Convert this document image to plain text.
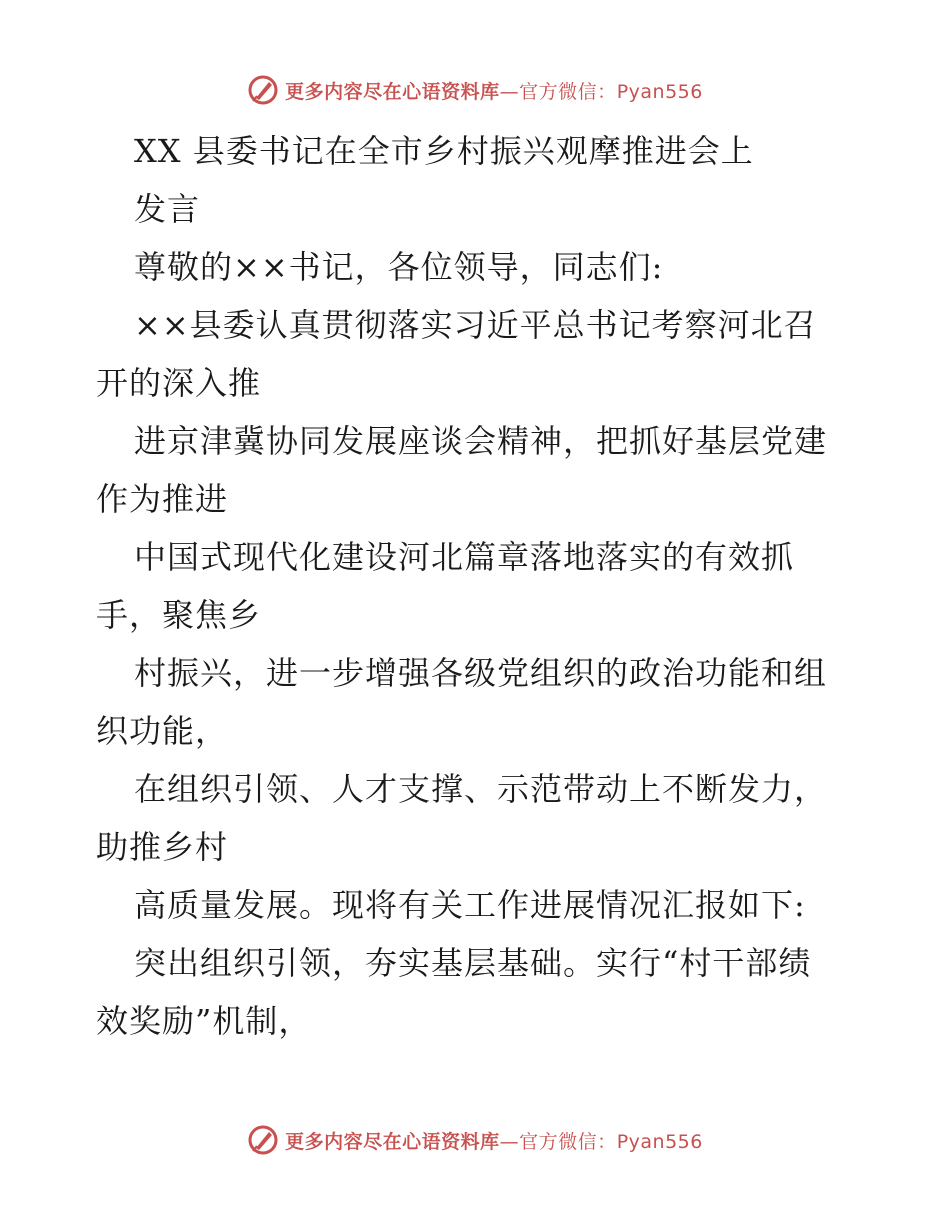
更多内容尽在心语资料库—官方微信：Pyan556
XX 县委书记在全市乡村振兴观摩推进会上
发言
尊敬的××书记，各位领导，同志们:
××县委认真贯彻落实习近平总书记考察河北召
开的深入推
进京津冀协同发展座谈会精神，把抓好基层党建
作为推进
中国式现代化建设河北篇章落地落实的有效抓
手，聚焦乡
村振兴，进一步增强各级党组织的政治功能和组
织功能，
在组织引领、人才支撑、示范带动上不断发力，
助推乡村
高质量发展。现将有关工作进展情况汇报如下:
突出组织引领，夯实基层基础。实行“村干部绩
效奖励”机制，
更多内容尽在心语资料库—官方微信：Pyan556
